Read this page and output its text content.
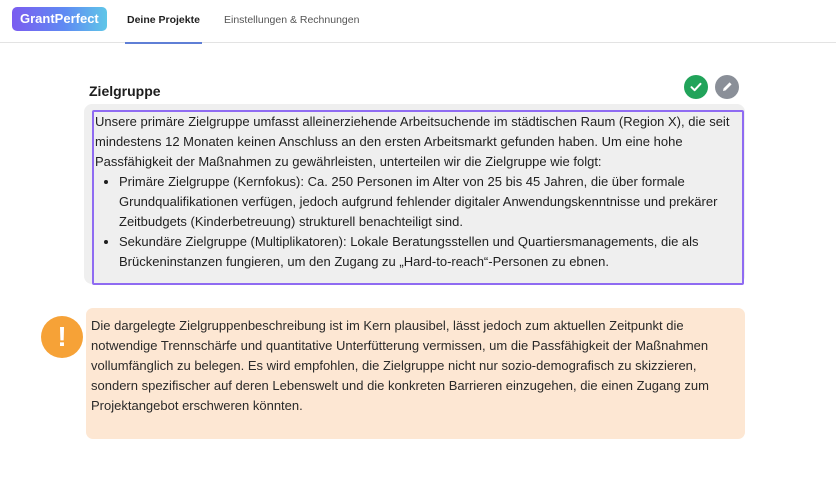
GrantPerfect	Deine Projekte Einstellungen & Rechnungen
Zielgruppe

Unsere primäre Zielgruppe umfasst alleinerziehende Arbeitsuchende im städtischen Raum (Region X), die seit mindestens 12 Monaten keinen Anschluss an den ersten Arbeitsmarkt gefunden haben. Um eine hohe Passfähigkeit der Maßnahmen zu gewährleisten, unterteilen wir die Zielgruppe wie folgt:

• Primäre Zielgruppe (Kernfokus): Ca. 250 Personen im Alter von 25 bis 45 Jahren, die über formale Grundqualifikationen verfügen, jedoch aufgrund fehlender digitaler Anwendungskenntnisse und prekärer Zeitbudgets (Kinderbetreuung) strukturell benachteiligt sind.
• Sekundäre Zielgruppe (Multiplikatoren): Lokale Beratungsstellen und Quartiersmanagements, die als Brückeninstanzen fungieren, um den Zugang zu „Hard-to-reach“-Personen zu ebnen.
!	Die dargelegte Zielgruppenbeschreibung ist im Kern plausibel, lässt jedoch zum aktuellen Zeitpunkt die notwendige Trennschärfe und quantitative Unterfütterung vermissen, um die Passfähigkeit der Maßnahmen vollumfänglich zu belegen. Es wird empfohlen, die Zielgruppe nicht nur sozio-demografisch zu skizzieren, sondern spezifischer auf deren Lebenswelt und die konkreten Barrieren einzugehen, die einen Zugang zum Projektangebot erschweren könnten.
